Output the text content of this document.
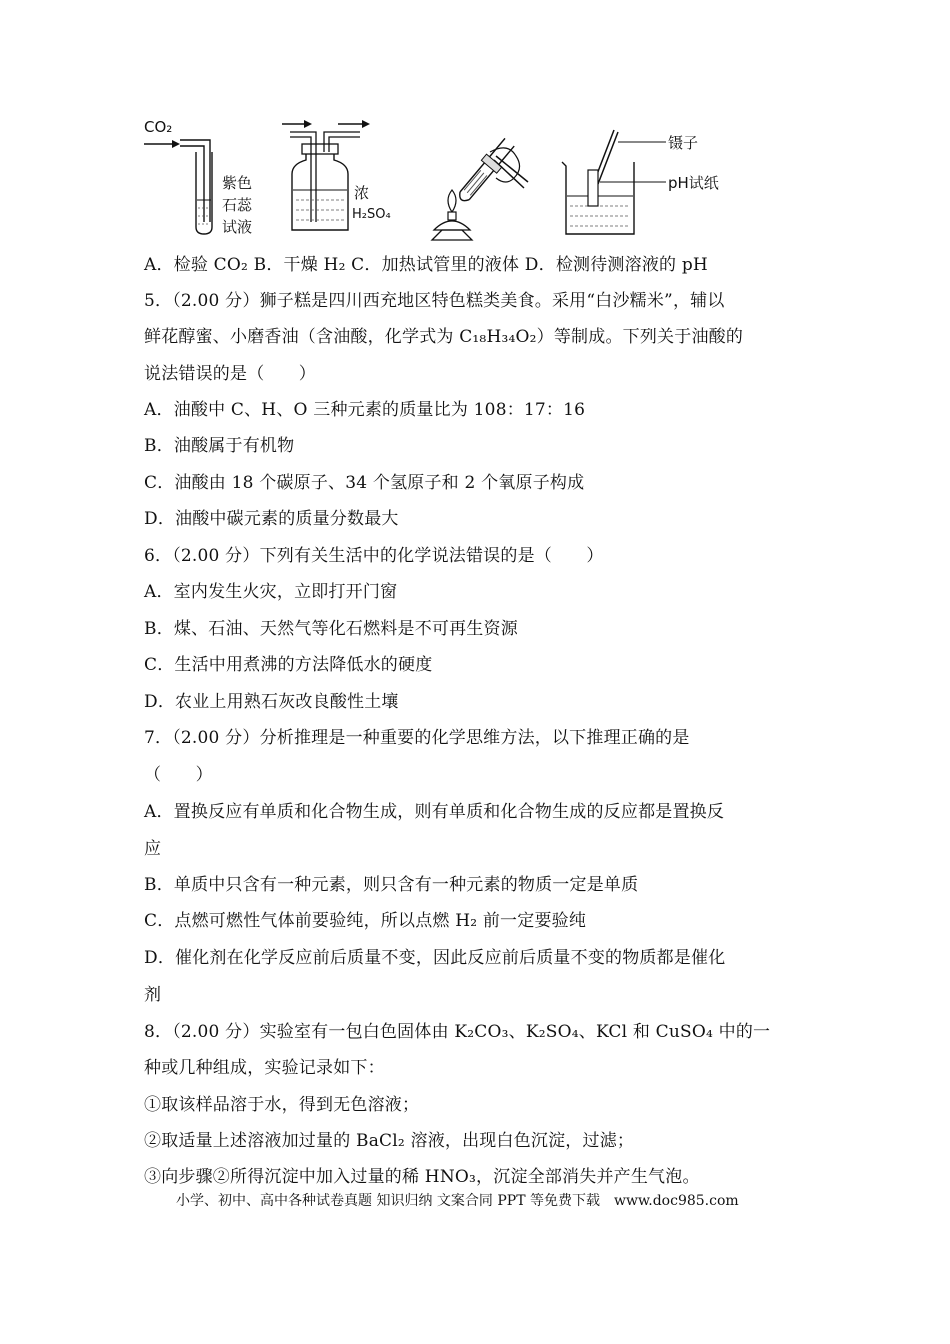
CO₂
紫色
石蕊
试液
浓
H₂SO₄
镊子
pH试纸
A．检验 CO₂ B．干燥 H₂ C．加热试管里的液体 D．检测待测溶液的 pH
5．（2.00 分）狮子糕是四川西充地区特色糕类美食。采用“白沙糯米”，辅以
鲜花醇蜜、小磨香油（含油酸，化学式为 C₁₈H₃₄O₂）等制成。下列关于油酸的
说法错误的是（　　）
A．油酸中 C、H、O 三种元素的质量比为 108：17：16
B．油酸属于有机物
C．油酸由 18 个碳原子、34 个氢原子和 2 个氧原子构成
D．油酸中碳元素的质量分数最大
6．（2.00 分）下列有关生活中的化学说法错误的是（　　）
A．室内发生火灾，立即打开门窗
B．煤、石油、天然气等化石燃料是不可再生资源
C．生活中用煮沸的方法降低水的硬度
D．农业上用熟石灰改良酸性土壤
7．（2.00 分）分析推理是一种重要的化学思维方法，以下推理正确的是
（　　）
A．置换反应有单质和化合物生成，则有单质和化合物生成的反应都是置换反
应
B．单质中只含有一种元素，则只含有一种元素的物质一定是单质
C．点燃可燃性气体前要验纯，所以点燃 H₂ 前一定要验纯
D．催化剂在化学反应前后质量不变，因此反应前后质量不变的物质都是催化
剂
8．（2.00 分）实验室有一包白色固体由 K₂CO₃、K₂SO₄、KCl 和 CuSO₄ 中的一
种或几种组成，实验记录如下：
①取该样品溶于水，得到无色溶液；
②取适量上述溶液加过量的 BaCl₂ 溶液，出现白色沉淀，过滤；
③向步骤②所得沉淀中加入过量的稀 HNO₃，沉淀全部消失并产生气泡。
小学、初中、高中各种试卷真题 知识归纳 文案合同 PPT 等免费下载　www.doc985.com
